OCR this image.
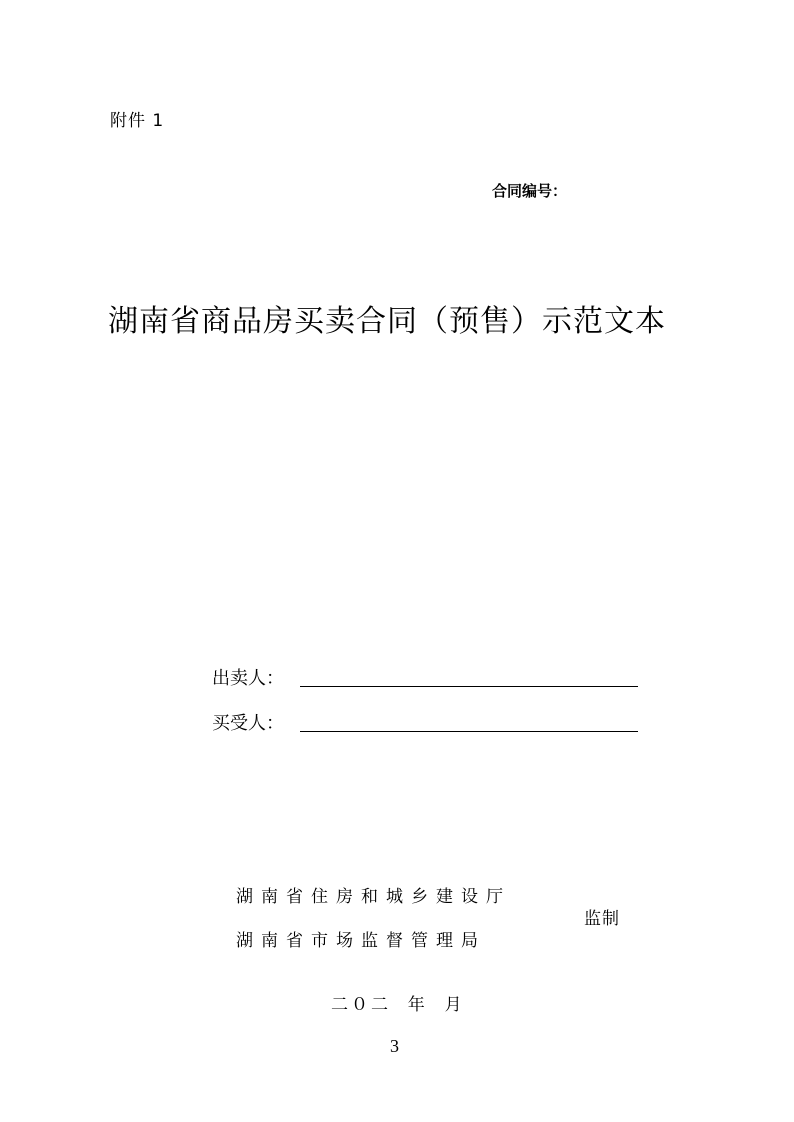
附件 1
合同编号：
湖南省商品房买卖合同（预售）示范文本
出卖人：
买受人：
湖南省住房和城乡建设厅
湖南省市场监督管理局
监制
二０二  年  月
3
